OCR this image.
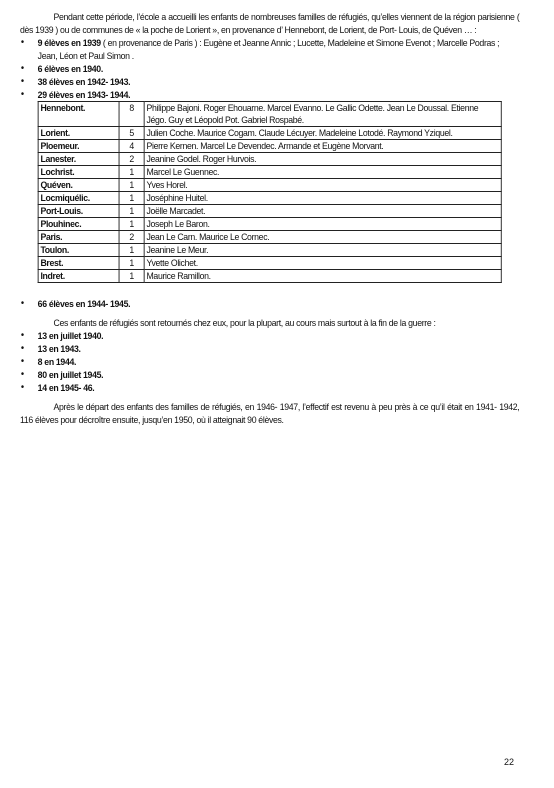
Pendant cette période, l’école a accueilli les enfants de nombreuses familles de réfugiés, qu’elles viennent de la région parisienne ( dès 1939 ) ou de communes de « la poche de Lorient », en provenance d’ Hennebont, de Lorient, de Port- Louis, de Quéven … :

• 9 élèves en 1939 ( en provenance de Paris ) : Eugène et Jeanne Annic ; Lucette, Madeleine et Simone Evenot ; Marcelle Podras ; Jean, Léon et Paul Simon .
• 6 élèves en 1940.
• 38 élèves en 1942- 1943.
• 29 élèves en 1943- 1944.
Hennebont.	8	Philippe Bajoni. Roger Ehouarne. Marcel Evanno. Le Gallic Odette. Jean Le Doussal. Etienne Jégo. Guy et Léopold Pot. Gabriel Rospabé.
Lorient.	5	Julien Coche. Maurice Cogam. Claude Lécuyer. Madeleine Lotodé. Raymond Yziquel.
Ploemeur.	4	Pierre Kernen. Marcel Le Devendec. Armande et Eugène Morvant.
Lanester.	2	Jeanine Godel. Roger Hurvois.
Lochrist.	1	Marcel Le Guennec.
Quéven.	1	Yves Horel.
Locmiquélic.	1	Joséphine Huitel.
Port-Louis.	1	Joëlle Marcadet.
Plouhinec.	1	Joseph Le Baron.
Paris.	2	Jean Le Carn. Maurice Le Cornec.
Toulon.	1	Jeanine Le Meur.
Brest.	1	Yvette Olichet.
Indret.	1	Maurice Ramillon.
• 66 élèves en 1944- 1945.

Ces enfants de réfugiés sont retournés chez eux, pour la plupart, au cours mais surtout à la fin de la guerre :

• 13 en juillet 1940.
• 13 en 1943.
• 8 en 1944.
• 80 en juillet 1945.
• 14 en 1945- 46.

Après le départ des enfants des familles de réfugiés, en 1946- 1947, l’effectif est revenu à peu près à ce qu’il était en 1941- 1942, 116 élèves pour décroître ensuite, jusqu’en 1950, où il atteignait 90 élèves.

22
